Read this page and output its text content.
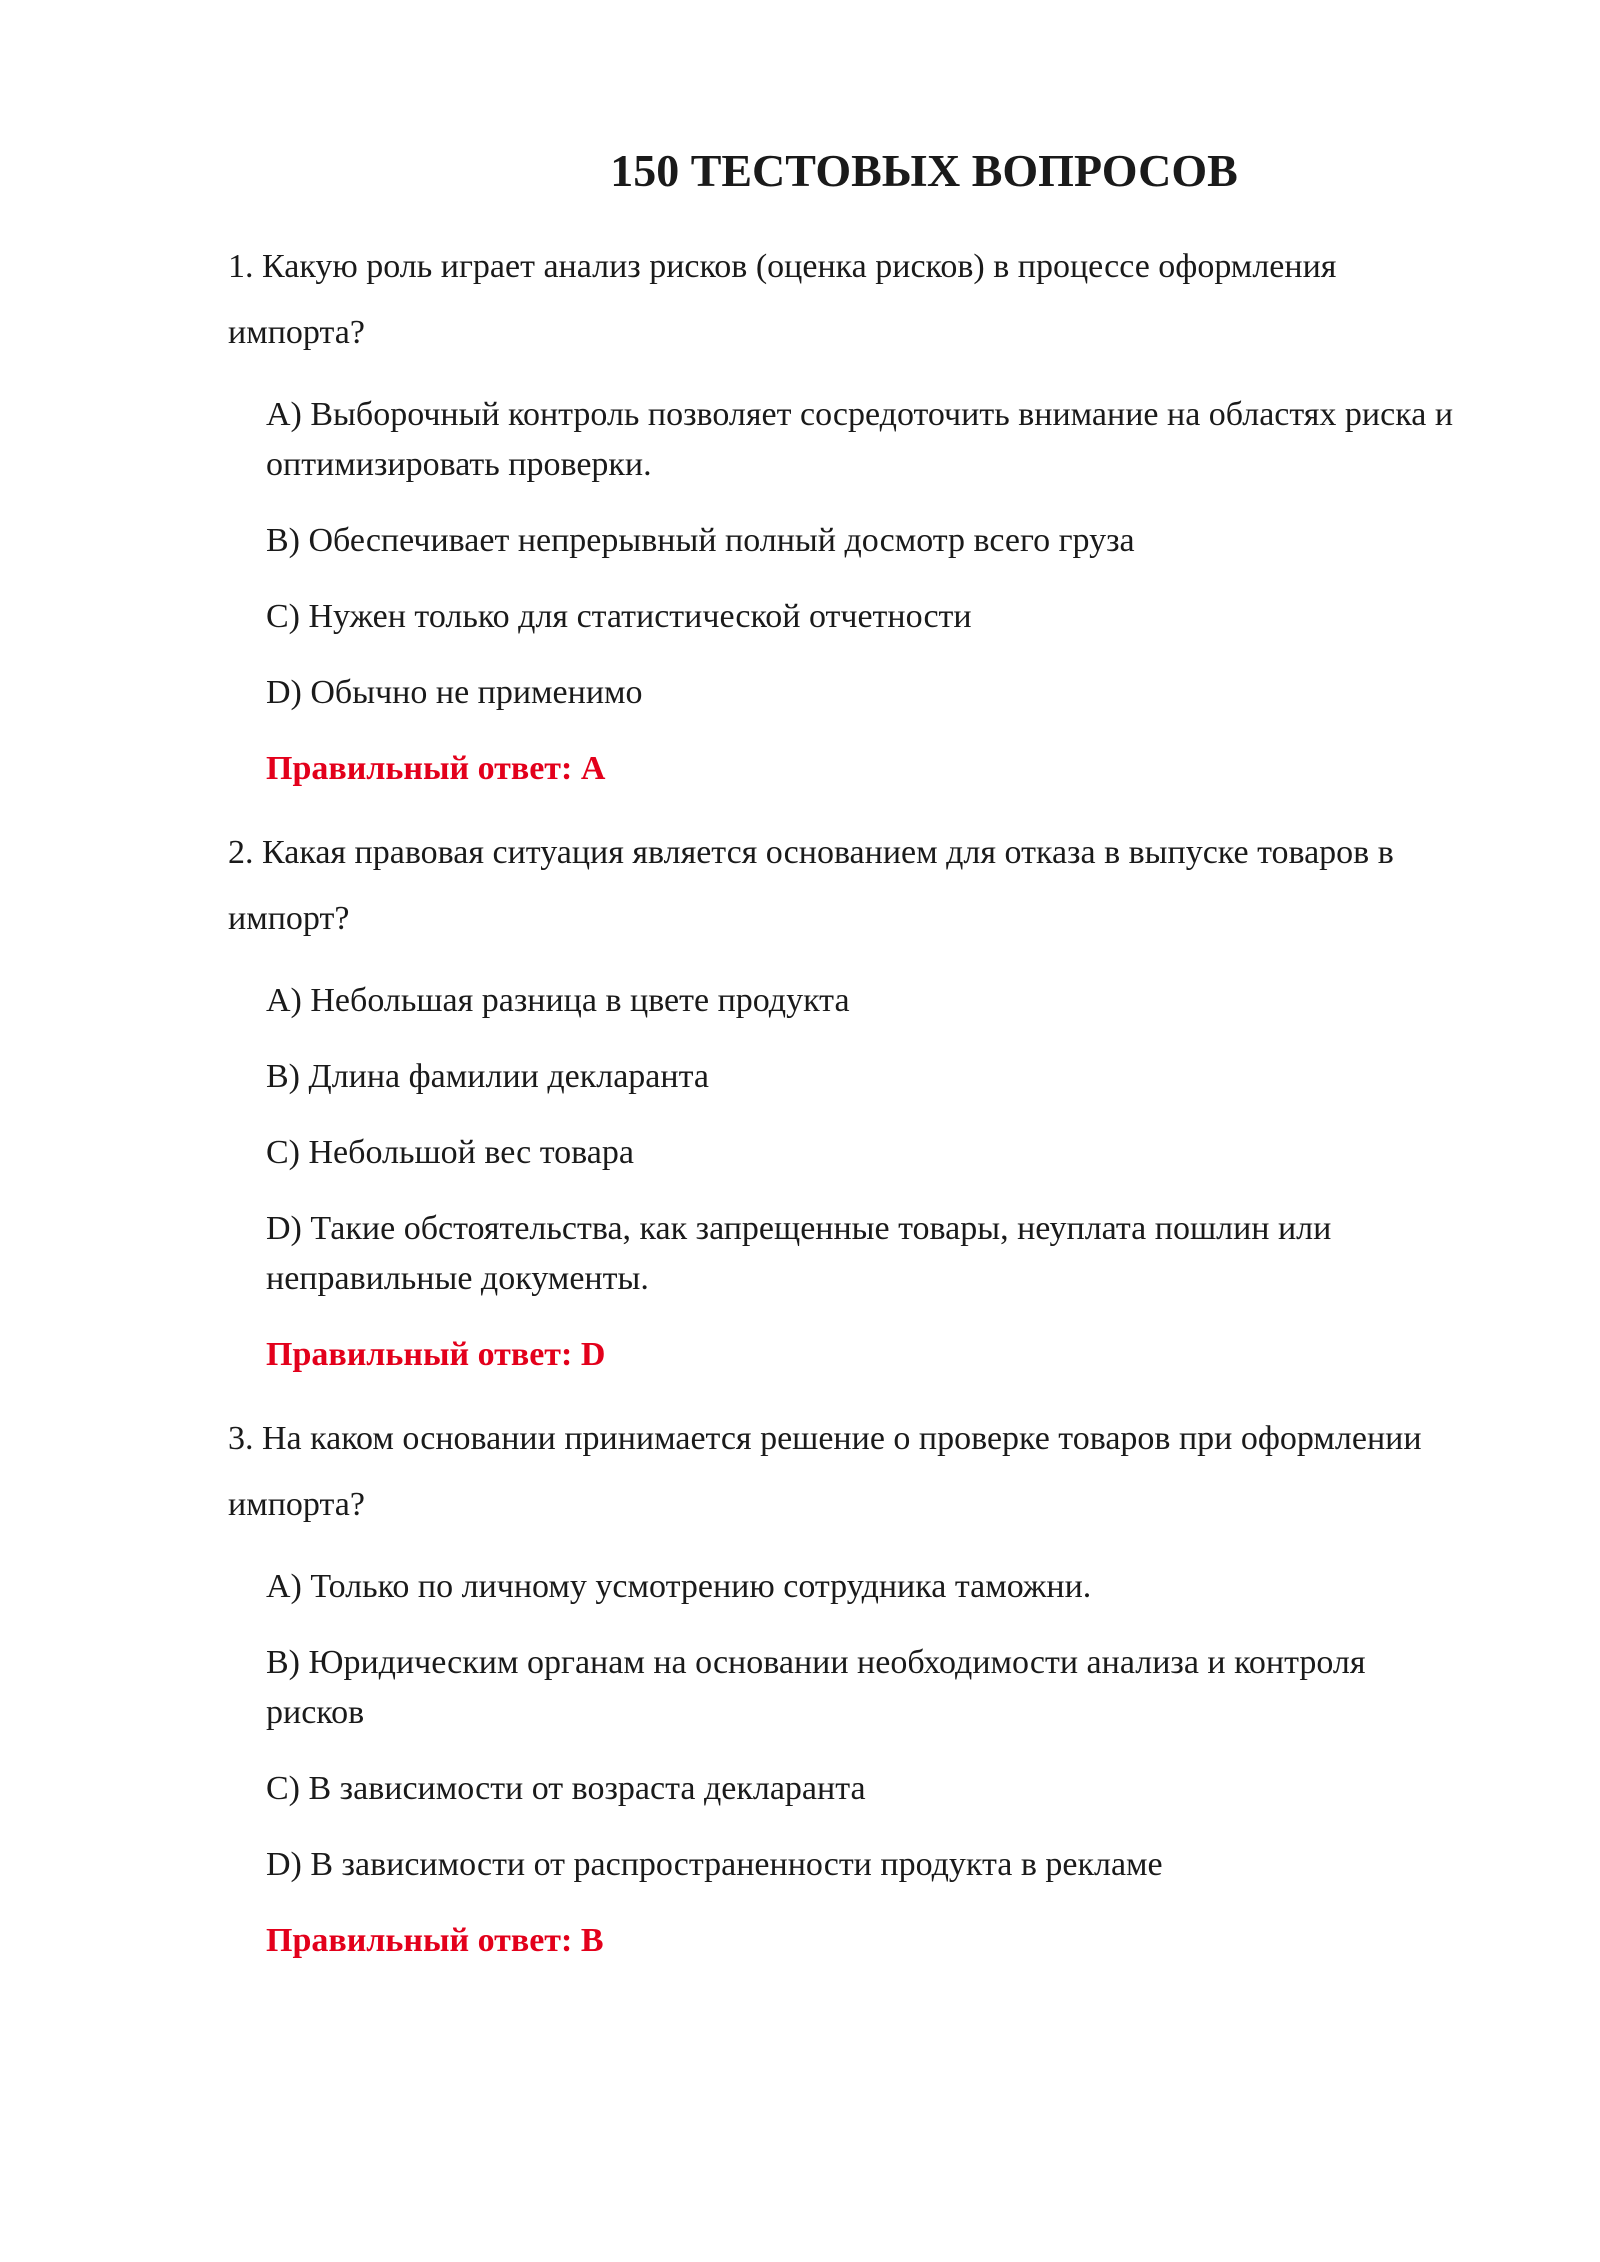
150 ТЕСТОВЫХ ВОПРОСОВ

1. Какую роль играет анализ рисков (оценка рисков) в процессе оформления импорта?

A) Выборочный контроль позволяет сосредоточить внимание на областях риска и оптимизировать проверки.

B) Обеспечивает непрерывный полный досмотр всего груза

C) Нужен только для статистической отчетности

D) Обычно не применимо

Правильный ответ: A

2. Какая правовая ситуация является основанием для отказа в выпуске товаров в импорт?

A) Небольшая разница в цвете продукта

B) Длина фамилии декларанта

C) Небольшой вес товара

D) Такие обстоятельства, как запрещенные товары, неуплата пошлин или неправильные документы.

Правильный ответ: D

3. На каком основании принимается решение о проверке товаров при оформлении импорта?

A) Только по личному усмотрению сотрудника таможни.

B) Юридическим органам на основании необходимости анализа и контроля рисков

C) В зависимости от возраста декларанта

D) В зависимости от распространенности продукта в рекламе

Правильный ответ: B
